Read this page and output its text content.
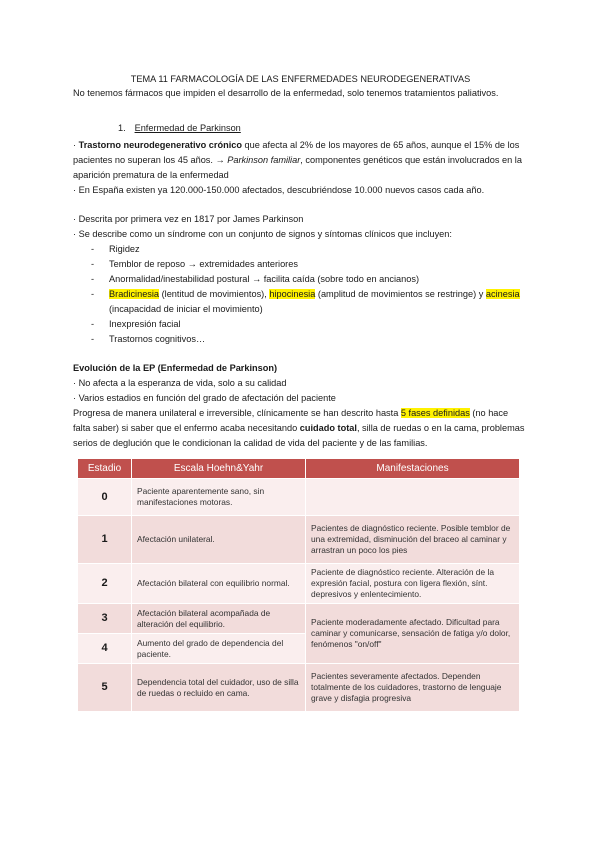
TEMA 11 FARMACOLOGÍA DE LAS ENFERMEDADES NEURODEGENERATIVAS

No tenemos fármacos que impiden el desarrollo de la enfermedad, solo tenemos tratamientos paliativos.

1. Enfermedad de Parkinson

· Trastorno neurodegenerativo crónico que afecta al 2% de los mayores de 65 años, aunque el 15% de los pacientes no superan los 45 años. → Parkinson familiar, componentes genéticos que están involucrados en la aparición prematura de la enfermedad

· En España existen ya 120.000-150.000 afectados, descubriéndose 10.000 nuevos casos cada año.

· Descrita por primera vez en 1817 por James Parkinson

· Se describe como un síndrome con un conjunto de signos y síntomas clínicos que incluyen:

- Rigidez
- Temblor de reposo → extremidades anteriores
- Anormalidad/inestabilidad postural → facilita caída (sobre todo en ancianos)
- Bradicinesia (lentitud de movimientos), hipocinesia (amplitud de movimientos se restringe) y acinesia (incapacidad de iniciar el movimiento)
- Inexpresión facial
- Trastornos cognitivos…

Evolución de la EP (Enfermedad de Parkinson)

· No afecta a la esperanza de vida, solo a su calidad

· Varios estadios en función del grado de afectación del paciente

Progresa de manera unilateral e irreversible, clínicamente se han descrito hasta 5 fases definidas (no hace falta saber) si saber que el enfermo acaba necesitando cuidado total, silla de ruedas o en la cama, problemas serios de deglución que le condicionan la calidad de vida del paciente y de las familias.

Estadio	Escala Hoehn&Yahr	Manifestaciones
0	Paciente aparentemente sano, sin manifestaciones motoras.	
1	Afectación unilateral.	Pacientes de diagnóstico reciente. Posible temblor de una extremidad, disminución del braceo al caminar y arrastran un poco los pies
2	Afectación bilateral con equilibrio normal.	Paciente de diagnóstico reciente. Alteración de la expresión facial, postura con ligera flexión, sínt. depresivos y enlentecimiento.
3	Afectación bilateral acompañada de alteración del equilibrio.	Paciente moderadamente afectado. Dificultad para caminar y comunicarse, sensación de fatiga y/o dolor, fenómenos "on/off"
4	Aumento del grado de dependencia del paciente.	
5	Dependencia total del cuidador, uso de silla de ruedas o recluido en cama.	Pacientes severamente afectados. Dependen totalmente de los cuidadores, trastorno de lenguaje grave y disfagia progresiva
